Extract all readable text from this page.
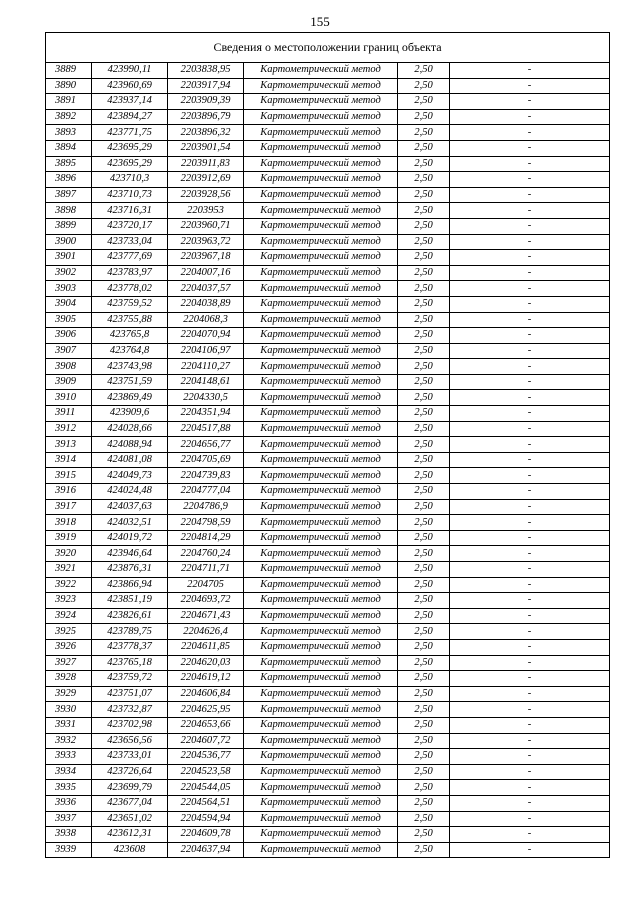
155
Сведения о местоположении границ объекта					
3889	423990,11	2203838,95	Картометрический метод	2,50	-
3890	423960,69	2203917,94	Картометрический метод	2,50	-
3891	423937,14	2203909,39	Картометрический метод	2,50	-
3892	423894,27	2203896,79	Картометрический метод	2,50	-
3893	423771,75	2203896,32	Картометрический метод	2,50	-
3894	423695,29	2203901,54	Картометрический метод	2,50	-
3895	423695,29	2203911,83	Картометрический метод	2,50	-
3896	423710,3	2203912,69	Картометрический метод	2,50	-
3897	423710,73	2203928,56	Картометрический метод	2,50	-
3898	423716,31	2203953	Картометрический метод	2,50	-
3899	423720,17	2203960,71	Картометрический метод	2,50	-
3900	423733,04	2203963,72	Картометрический метод	2,50	-
3901	423777,69	2203967,18	Картометрический метод	2,50	-
3902	423783,97	2204007,16	Картометрический метод	2,50	-
3903	423778,02	2204037,57	Картометрический метод	2,50	-
3904	423759,52	2204038,89	Картометрический метод	2,50	-
3905	423755,88	2204068,3	Картометрический метод	2,50	-
3906	423765,8	2204070,94	Картометрический метод	2,50	-
3907	423764,8	2204106,97	Картометрический метод	2,50	-
3908	423743,98	2204110,27	Картометрический метод	2,50	-
3909	423751,59	2204148,61	Картометрический метод	2,50	-
3910	423869,49	2204330,5	Картометрический метод	2,50	-
3911	423909,6	2204351,94	Картометрический метод	2,50	-
3912	424028,66	2204517,88	Картометрический метод	2,50	-
3913	424088,94	2204656,77	Картометрический метод	2,50	-
3914	424081,08	2204705,69	Картометрический метод	2,50	-
3915	424049,73	2204739,83	Картометрический метод	2,50	-
3916	424024,48	2204777,04	Картометрический метод	2,50	-
3917	424037,63	2204786,9	Картометрический метод	2,50	-
3918	424032,51	2204798,59	Картометрический метод	2,50	-
3919	424019,72	2204814,29	Картометрический метод	2,50	-
3920	423946,64	2204760,24	Картометрический метод	2,50	-
3921	423876,31	2204711,71	Картометрический метод	2,50	-
3922	423866,94	2204705	Картометрический метод	2,50	-
3923	423851,19	2204693,72	Картометрический метод	2,50	-
3924	423826,61	2204671,43	Картометрический метод	2,50	-
3925	423789,75	2204626,4	Картометрический метод	2,50	-
3926	423778,37	2204611,85	Картометрический метод	2,50	-
3927	423765,18	2204620,03	Картометрический метод	2,50	-
3928	423759,72	2204619,12	Картометрический метод	2,50	-
3929	423751,07	2204606,84	Картометрический метод	2,50	-
3930	423732,87	2204625,95	Картометрический метод	2,50	-
3931	423702,98	2204653,66	Картометрический метод	2,50	-
3932	423656,56	2204607,72	Картометрический метод	2,50	-
3933	423733,01	2204536,77	Картометрический метод	2,50	-
3934	423726,64	2204523,58	Картометрический метод	2,50	-
3935	423699,79	2204544,05	Картометрический метод	2,50	-
3936	423677,04	2204564,51	Картометрический метод	2,50	-
3937	423651,02	2204594,94	Картометрический метод	2,50	-
3938	423612,31	2204609,78	Картометрический метод	2,50	-
3939	423608	2204637,94	Картометрический метод	2,50	-
